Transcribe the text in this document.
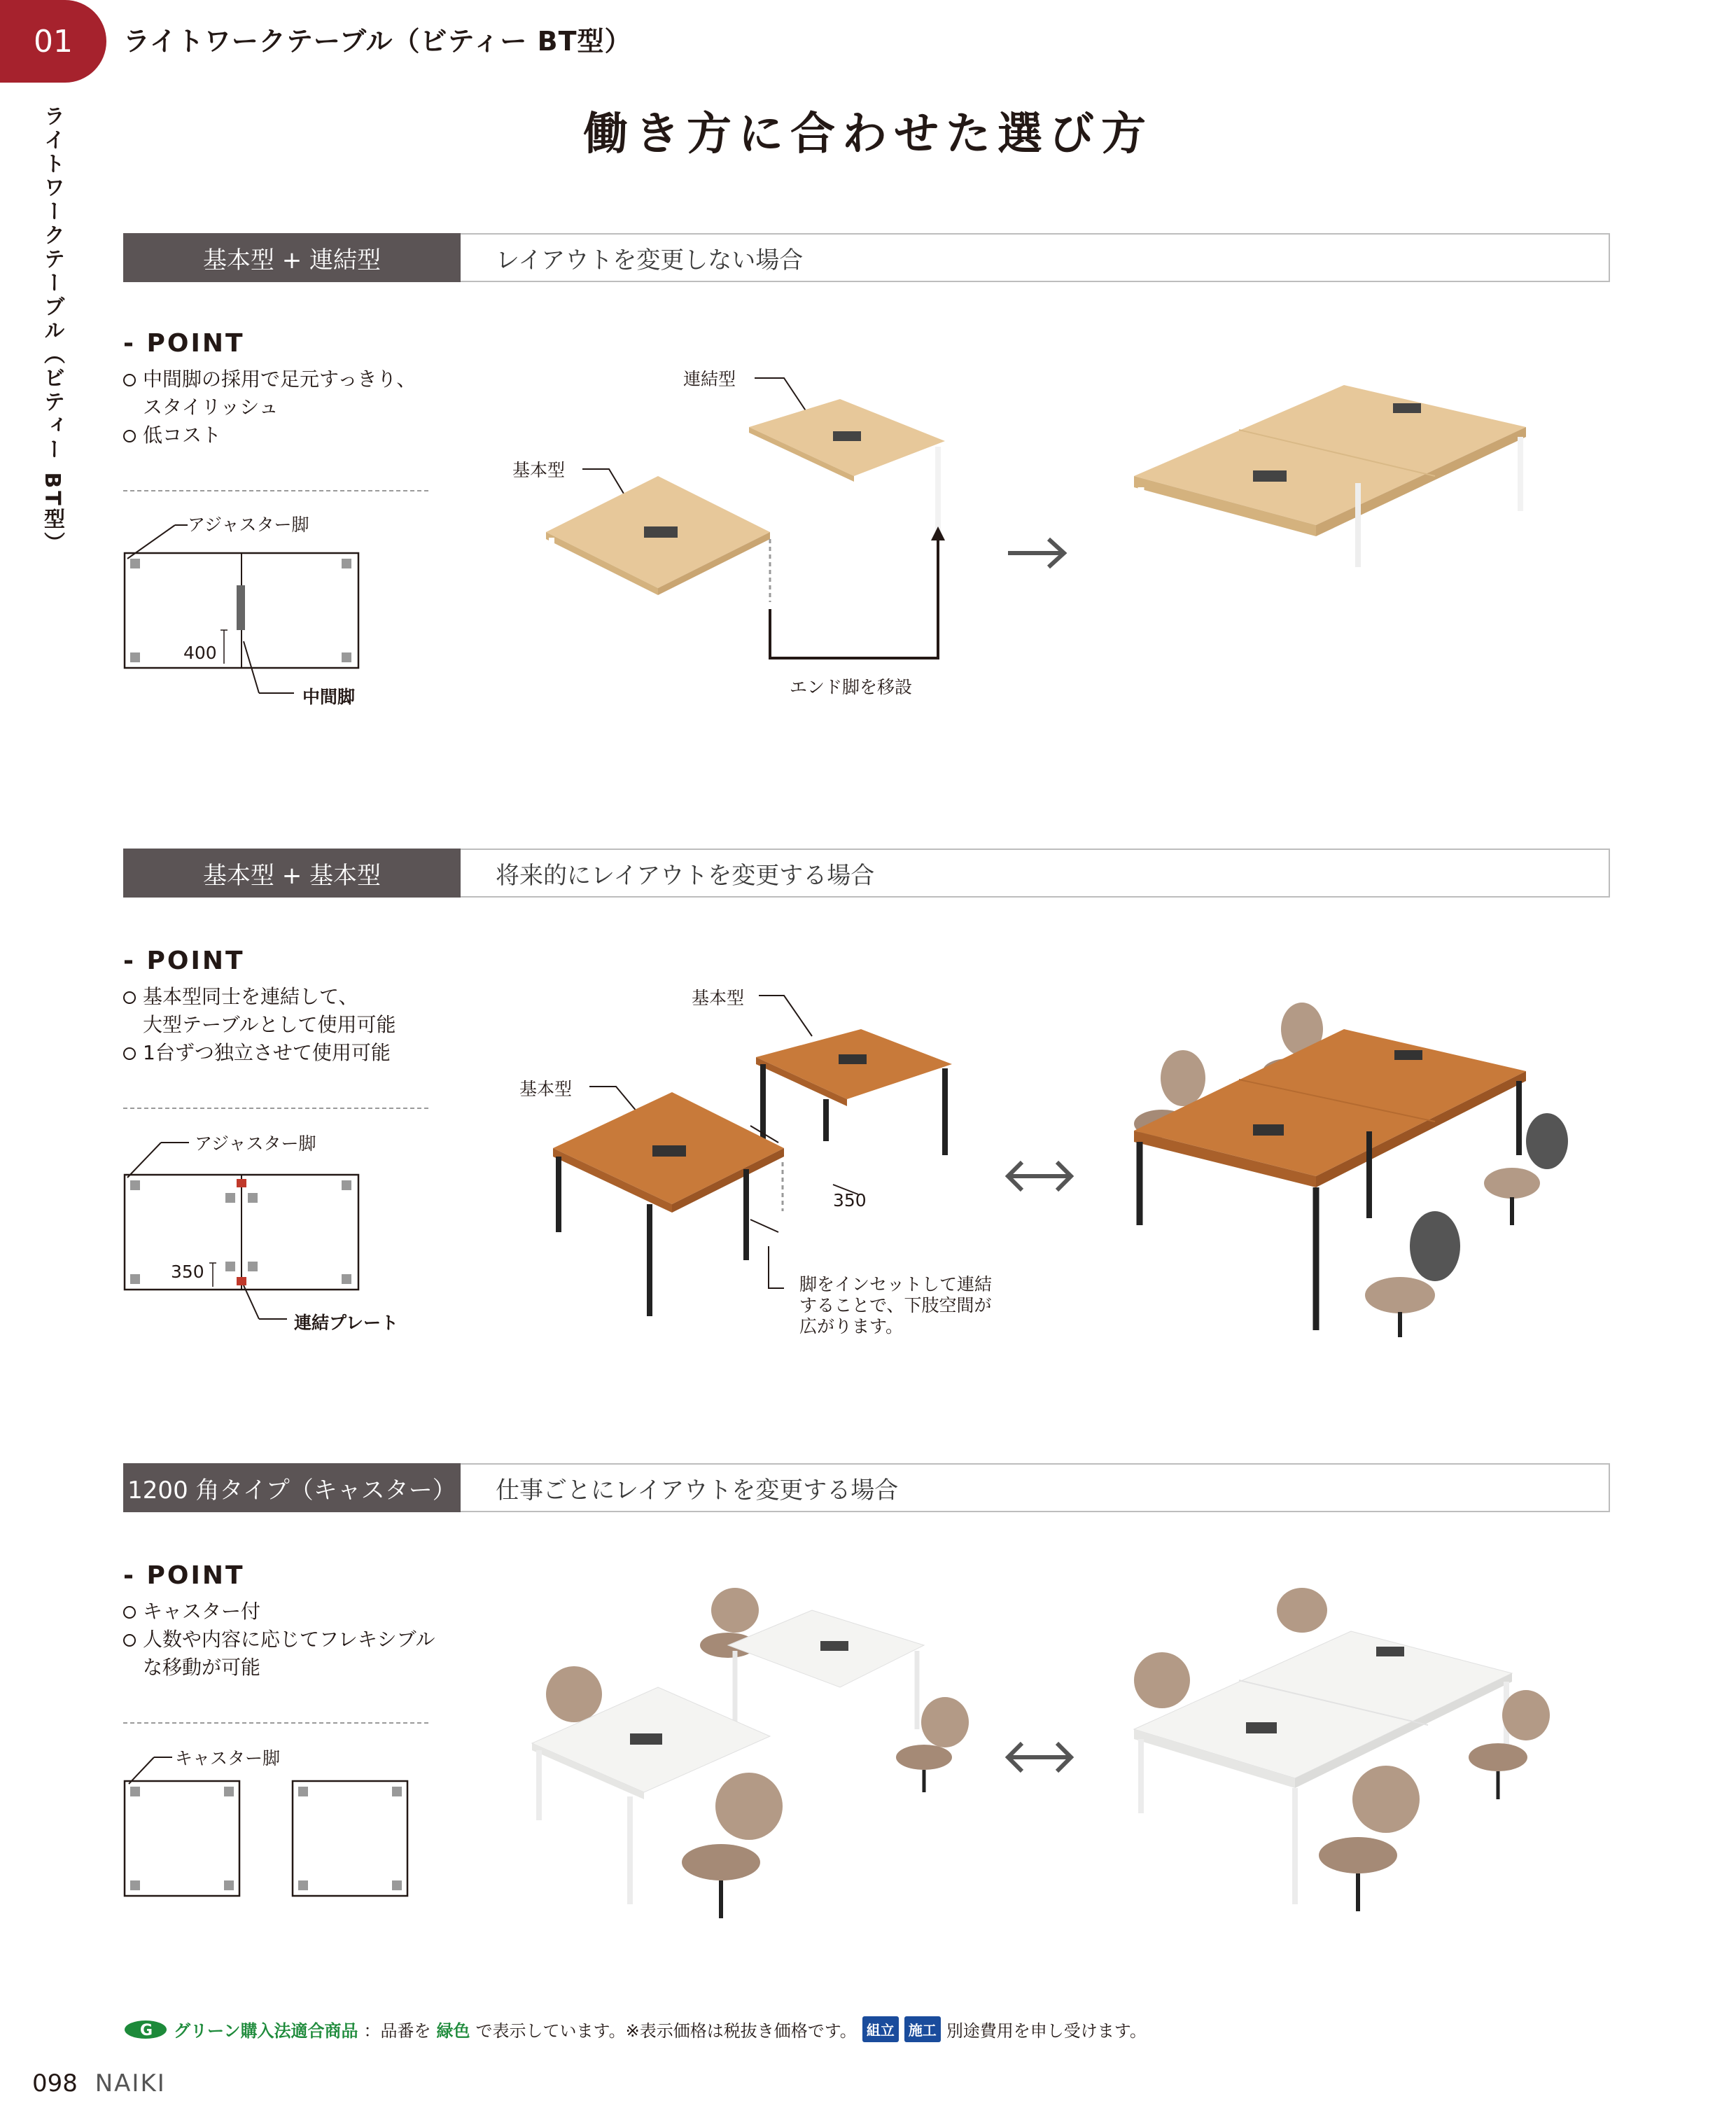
01 ライトワークテーブル（ビティー BT型）
ライトワークテーブル（ビティー BT型）	働き方に合わせた選び方
基本型 + 連結型	レイアウトを変更しない場合
- POINT
中間脚の採用で足元すっきり、
スタイリッシュ
低コスト
アジャスター脚
400
中間脚
連結型
基本型
エンド脚を移設
基本型 + 基本型	将来的にレイアウトを変更する場合
- POINT
基本型同士を連結して、
大型テーブルとして使用可能
1台ずつ独立させて使用可能
アジャスター脚
350
連結プレート
基本型
基本型
350
脚をインセットして連結
することで、下肢空間が
広がります。
1200 角タイプ（キャスター） 仕事ごとにレイアウトを変更する場合
- POINT
キャスター付
人数や内容に応じてフレキシブル
な移動が可能
キャスター脚
G グリーン購入法適合商品 ：品番を 緑色 で表示しています。※表示価格は税抜き価格です。 組立	施工 別途費用を申し受けます。
098 NAIKI
